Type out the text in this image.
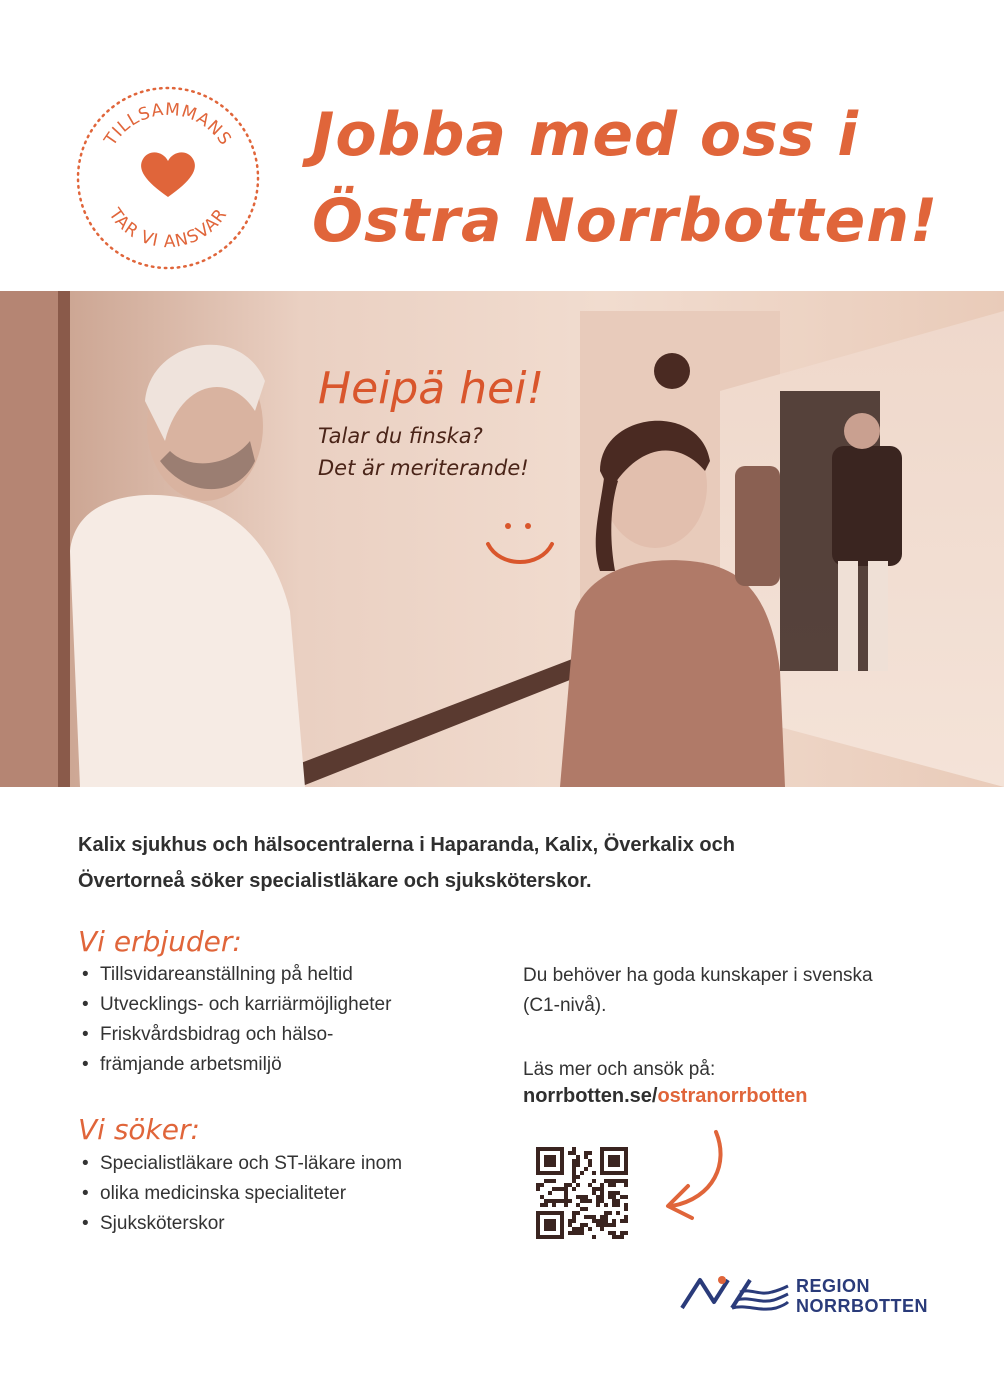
TILLSAMMANS
TAR VI ANSVAR
Jobba med oss i
Östra Norrbotten!
Heipä hei!
Talar du finska?
Det är meriterande!
Kalix sjukhus och hälsocentralerna i Haparanda, Kalix, Överkalix och
Övertorneå söker specialistläkare och sjuksköterskor.
Vi erbjuder:
• Tillsvidareanställning på heltid
• Utvecklings- och karriärmöjligheter
• Friskvårdsbidrag och hälso-
• främjande arbetsmiljö
Vi söker:
• Specialistläkare och ST-läkare inom
• olika medicinska specialiteter
• Sjuksköterskor
Du behöver ha goda kunskaper i svenska
(C1-nivå).
Läs mer och ansök på:
norrbotten.se/ostranorrbotten
REGION
NORRBOTTEN
